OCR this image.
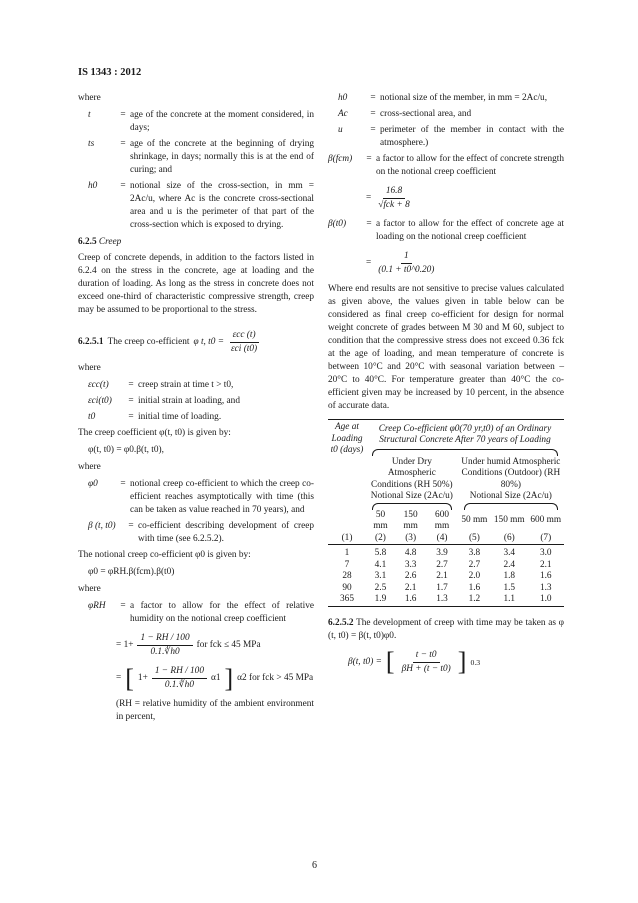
IS 1343 : 2012
where
t	= age of the concrete at the moment considered, in days;
ts	= age of the concrete at the beginning of drying shrinkage, in days; normally this is at the end of curing; and
h0	= notional size of the cross-section, in mm = 2Ac/u, where Ac is the concrete cross-sectional area and u is the perimeter of that part of the cross-section which is exposed to drying.
6.2.5 Creep
Creep of concrete depends, in addition to the factors listed in 6.2.4 on the stress in the concrete, age at loading and the duration of loading. As long as the stress in concrete does not exceed one-third of characteristic compressive strength, creep may be assumed to be proportional to the stress.
6.2.5.1 The creep co-efficient φ t, $t0 = \frac{\text{εcc (t)}}{\text{εci (t0)}}$
where
εcc(t)	= creep strain at time t > t0,
εci(t0)	= initial strain at loading, and
t0	= initial time of loading.
The creep coefficient φ(t, t0) is given by:
φ(t, t0) = φ0.β(t, t0),
where
φ0	= notional creep co-efficient to which the creep co-efficient reaches asymptotically with time (this can be taken as value reached in 70 years), and
β (t, t0)	= co-efficient describing development of creep with time (see 6.2.5.2).
The notional creep co-efficient φ0 is given by:
φ0 = φRH.β(fcm).β(t0)
where
φRH	= a factor to allow for the effect of relative humidity on the notional creep coefficient
= $1+ \frac{1 - RH / 100}{0.1.∛h0}$ for fck ≤ 45 MPa
= [ $1+ \frac{1 - RH / 100}{0.1.∛h0} \alpha 1$ ] α2 for fck > 45 MPa
(RH = relative humidity of the ambient environment in percent,
h0	= notional size of the member, in mm = 2Ac/u,
Ac	= cross-sectional area, and
u	= perimeter of the member in contact with the atmosphere.)
β(fcm)	= a factor to allow for the effect of concrete strength on the notional creep coefficient
= $\frac{16.8}{\text{√fck + 8}}$
β(t0)	= a factor to allow for the effect of concrete age at loading on the notional creep coefficient
= $\frac{1}{(0.1 + t0\^{}0.20)}$
Where end results are not sensitive to precise values calculated as given above, the values given in table below can be considered as final creep co-efficient for design for normal weight concrete of grades between M 30 and M 60, subject to condition that the compressive stress does not exceed 0.36 fck at the age of loading, and mean temperature of concrete is between 10°C and 20°C with seasonal variation between –20°C to 40°C. For temperature greater than 40°C the co-efficient given may be increased by 10 percent, in the absence of accurate data.

Age at Loading t0 (days)	Creep Co-efficient φ0(70 yr,t0) of an Ordinary Structural Concrete After 70 years of Loading					

	Under Dry Atmospheric Conditions (RH 50%)			Under humid Atmospheric Conditions (Outdoor) (RH 80%)		
	Notional Size (2Ac/u)			Notional Size (2Ac/u)		

	50 mm	150 mm	600 mm	50 mm	150 mm	600 mm
(1)	(2)	(3)	(4)	(5)	(6)	(7)

1	5.8	4.8	3.9	3.8	3.4	3.0
7	4.1	3.3	2.7	2.7	2.4	2.1
28	3.1	2.6	2.1	2.0	1.8	1.6
90	2.5	2.1	1.7	1.6	1.5	1.3
365	1.9	1.6	1.3	1.2	1.1	1.0

6.2.5.2 The development of creep with time may be taken as φ (t, t0) = β(t, t0)φ0.
β(t, t0) = [ $\frac{t - t0}{\beta H + (t - t0)}$ ] 0.3
6
